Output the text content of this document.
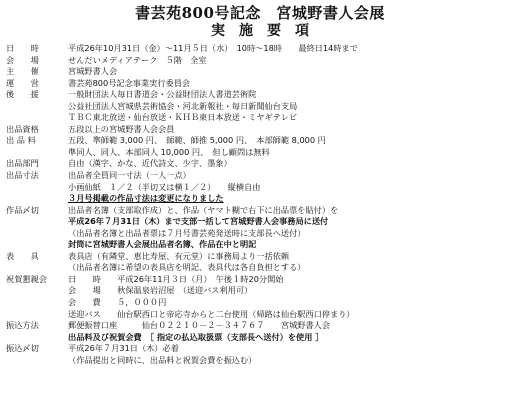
書芸苑800号記念　宮城野書人会展
実施要項
日　　時	平成26年10月31日（金）～11月５日（水）　10時～18時　　最終日14時まで
会　　場	せんだいメディアテーク　５階　全室
主　　催	宮城野書人会
運　　営	書芸苑800号記念事業実行委員会
後　　援	一般財団法人毎日書道会・公益財団法人書道芸術院
公益社団法人宮城県芸術協会・河北新報社・毎日新聞仙台支局
ＴＢＣ東北放送・仙台放送・ＫＨＢ東日本放送・ミヤギテレビ
出品資格	五段以上の宮城野書人会会員
出 品 料	五段、準師範 3,000 円、　師範、師推 5,000 円、　本部師範 8,000 円
準同人、同人、本部同人 10,000 円、　但し顧問は無料
出品部門	自由（漢字、かな、近代詩文、少字、墨象）
出品寸法	出品者全員同一寸法（一人一点）
小画仙紙　１／２（半切又は横１／２）　　縦横自由
３月号掲載の作品寸法は変更になりました
作品〆切	出品者名簿（支部取作成）と、作品（ヤマト糊で右下に出品票を貼付）を
平成26年７月31日（木）まで支部一括して宮城野書人会事務局に送付
（出品者名簿と出品者票は７月号書芸苑発送時に支部長へ送付）
封筒に宮城野書人会展出品者名簿、作品在中と明記
表　　具	表具店（有隣堂、恵比寿屋、有元堂）に事務局より一括依頼
（出品者名簿に希望の表具店を明記、表具代は各自負担とする）
祝賀懇親会	日　　時　　平成26年11月３日（月）　午後１時20分開始
会　　場　　秋保温泉岩沼屋　（送迎バス利用可）
会　　費　　５，０００円
送迎バス　　仙台駅西口と帝応寺からと二台使用（帰路は仙台駅西口停まり）
振込方法	郵便振替口座　　　仙台０２２１０－２－３４７６７　　宮城野書人会
出品料及び祝賀会費　［ 指定の払込取扱票（支部長へ送付）を使用 ］
振込〆切	平成26年７月31日（木）必着
（作品提出と同時に、出品料と祝賀会費を振込む）
